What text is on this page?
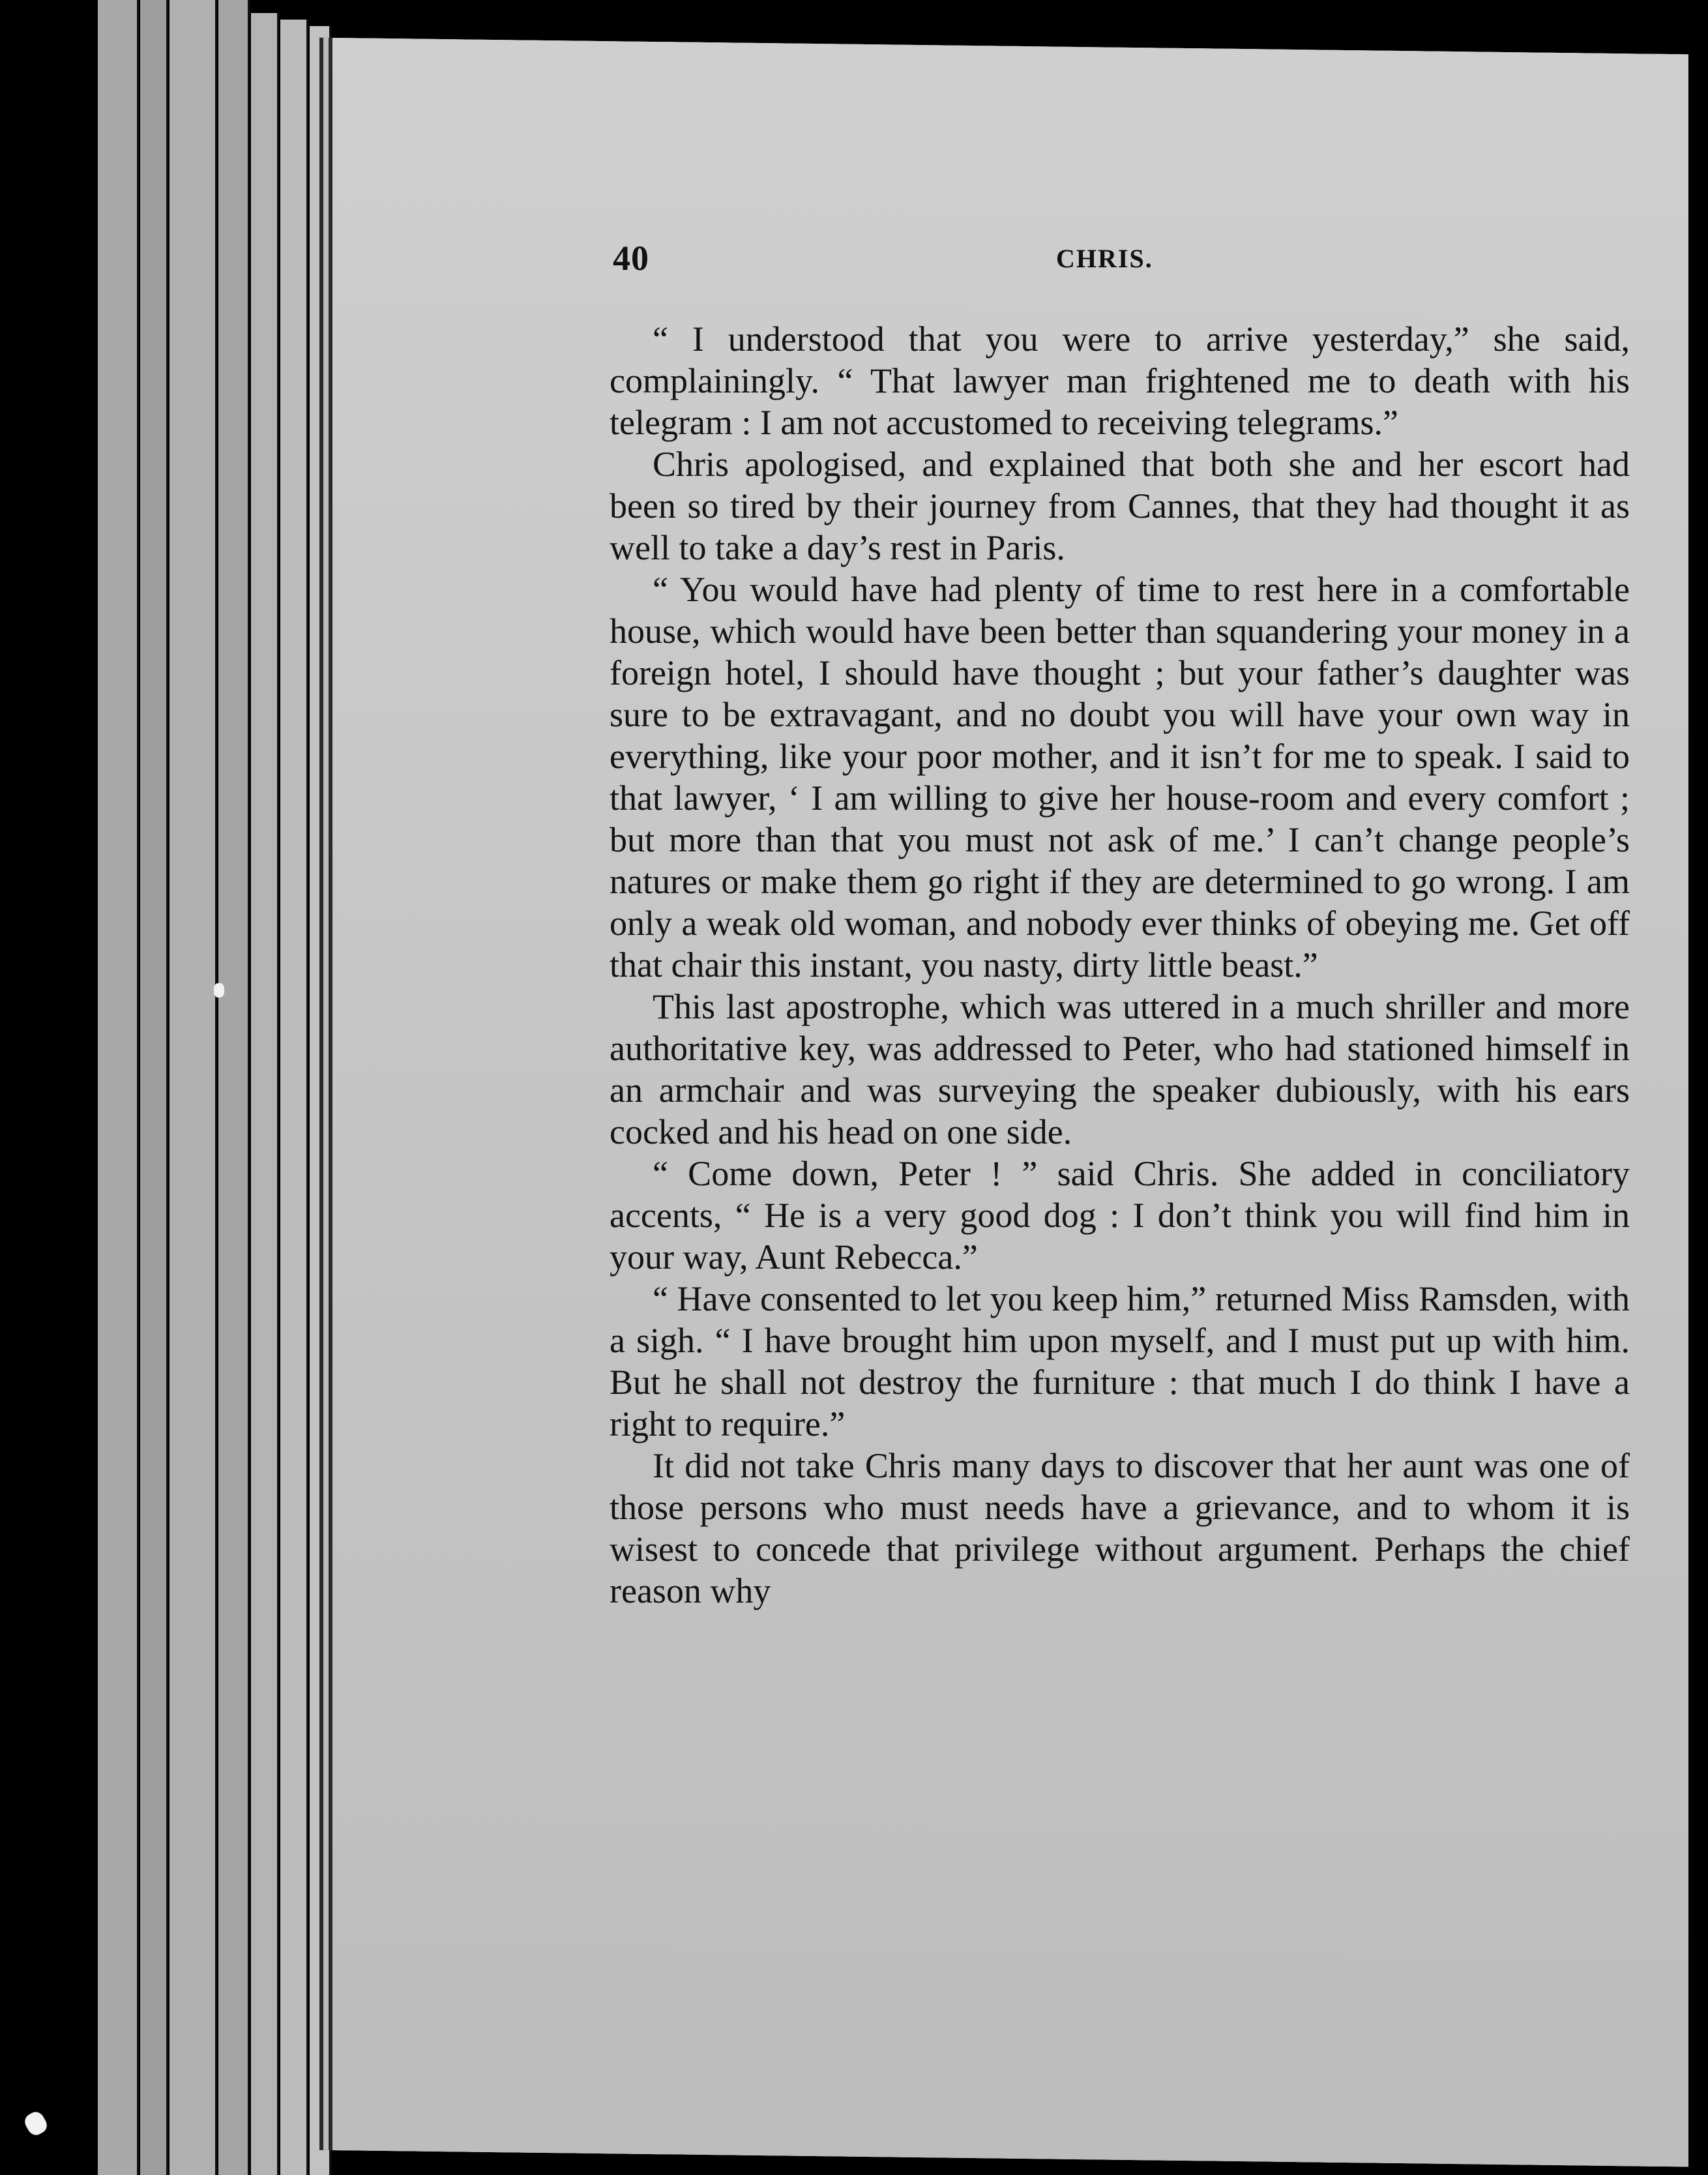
40	CHRIS.

“ I understood that you were to arrive yesterday,” she said, complainingly. “ That lawyer man frightened me to death with his telegram : I am not accustomed to receiving telegrams.”

Chris apologised, and explained that both she and her escort had been so tired by their journey from Cannes, that they had thought it as well to take a day’s rest in Paris.

“ You would have had plenty of time to rest here in a comfortable house, which would have been better than squandering your money in a foreign hotel, I should have thought ; but your father’s daughter was sure to be extravagant, and no doubt you will have your own way in everything, like your poor mother, and it isn’t for me to speak. I said to that lawyer, ‘ I am willing to give her house-room and every comfort ; but more than that you must not ask of me.’ I can’t change people’s natures or make them go right if they are determined to go wrong. I am only a weak old woman, and nobody ever thinks of obeying me. Get off that chair this instant, you nasty, dirty little beast.”

This last apostrophe, which was uttered in a much shriller and more authoritative key, was addressed to Peter, who had stationed himself in an armchair and was surveying the speaker dubiously, with his ears cocked and his head on one side.

“ Come down, Peter ! ” said Chris. She added in conciliatory accents, “ He is a very good dog : I don’t think you will find him in your way, Aunt Rebecca.”

“ Have consented to let you keep him,” returned Miss Ramsden, with a sigh. “ I have brought him upon myself, and I must put up with him. But he shall not destroy the furniture : that much I do think I have a right to require.”

It did not take Chris many days to discover that her aunt was one of those persons who must needs have a grievance, and to whom it is wisest to concede that privilege without argument. Perhaps the chief reason why
